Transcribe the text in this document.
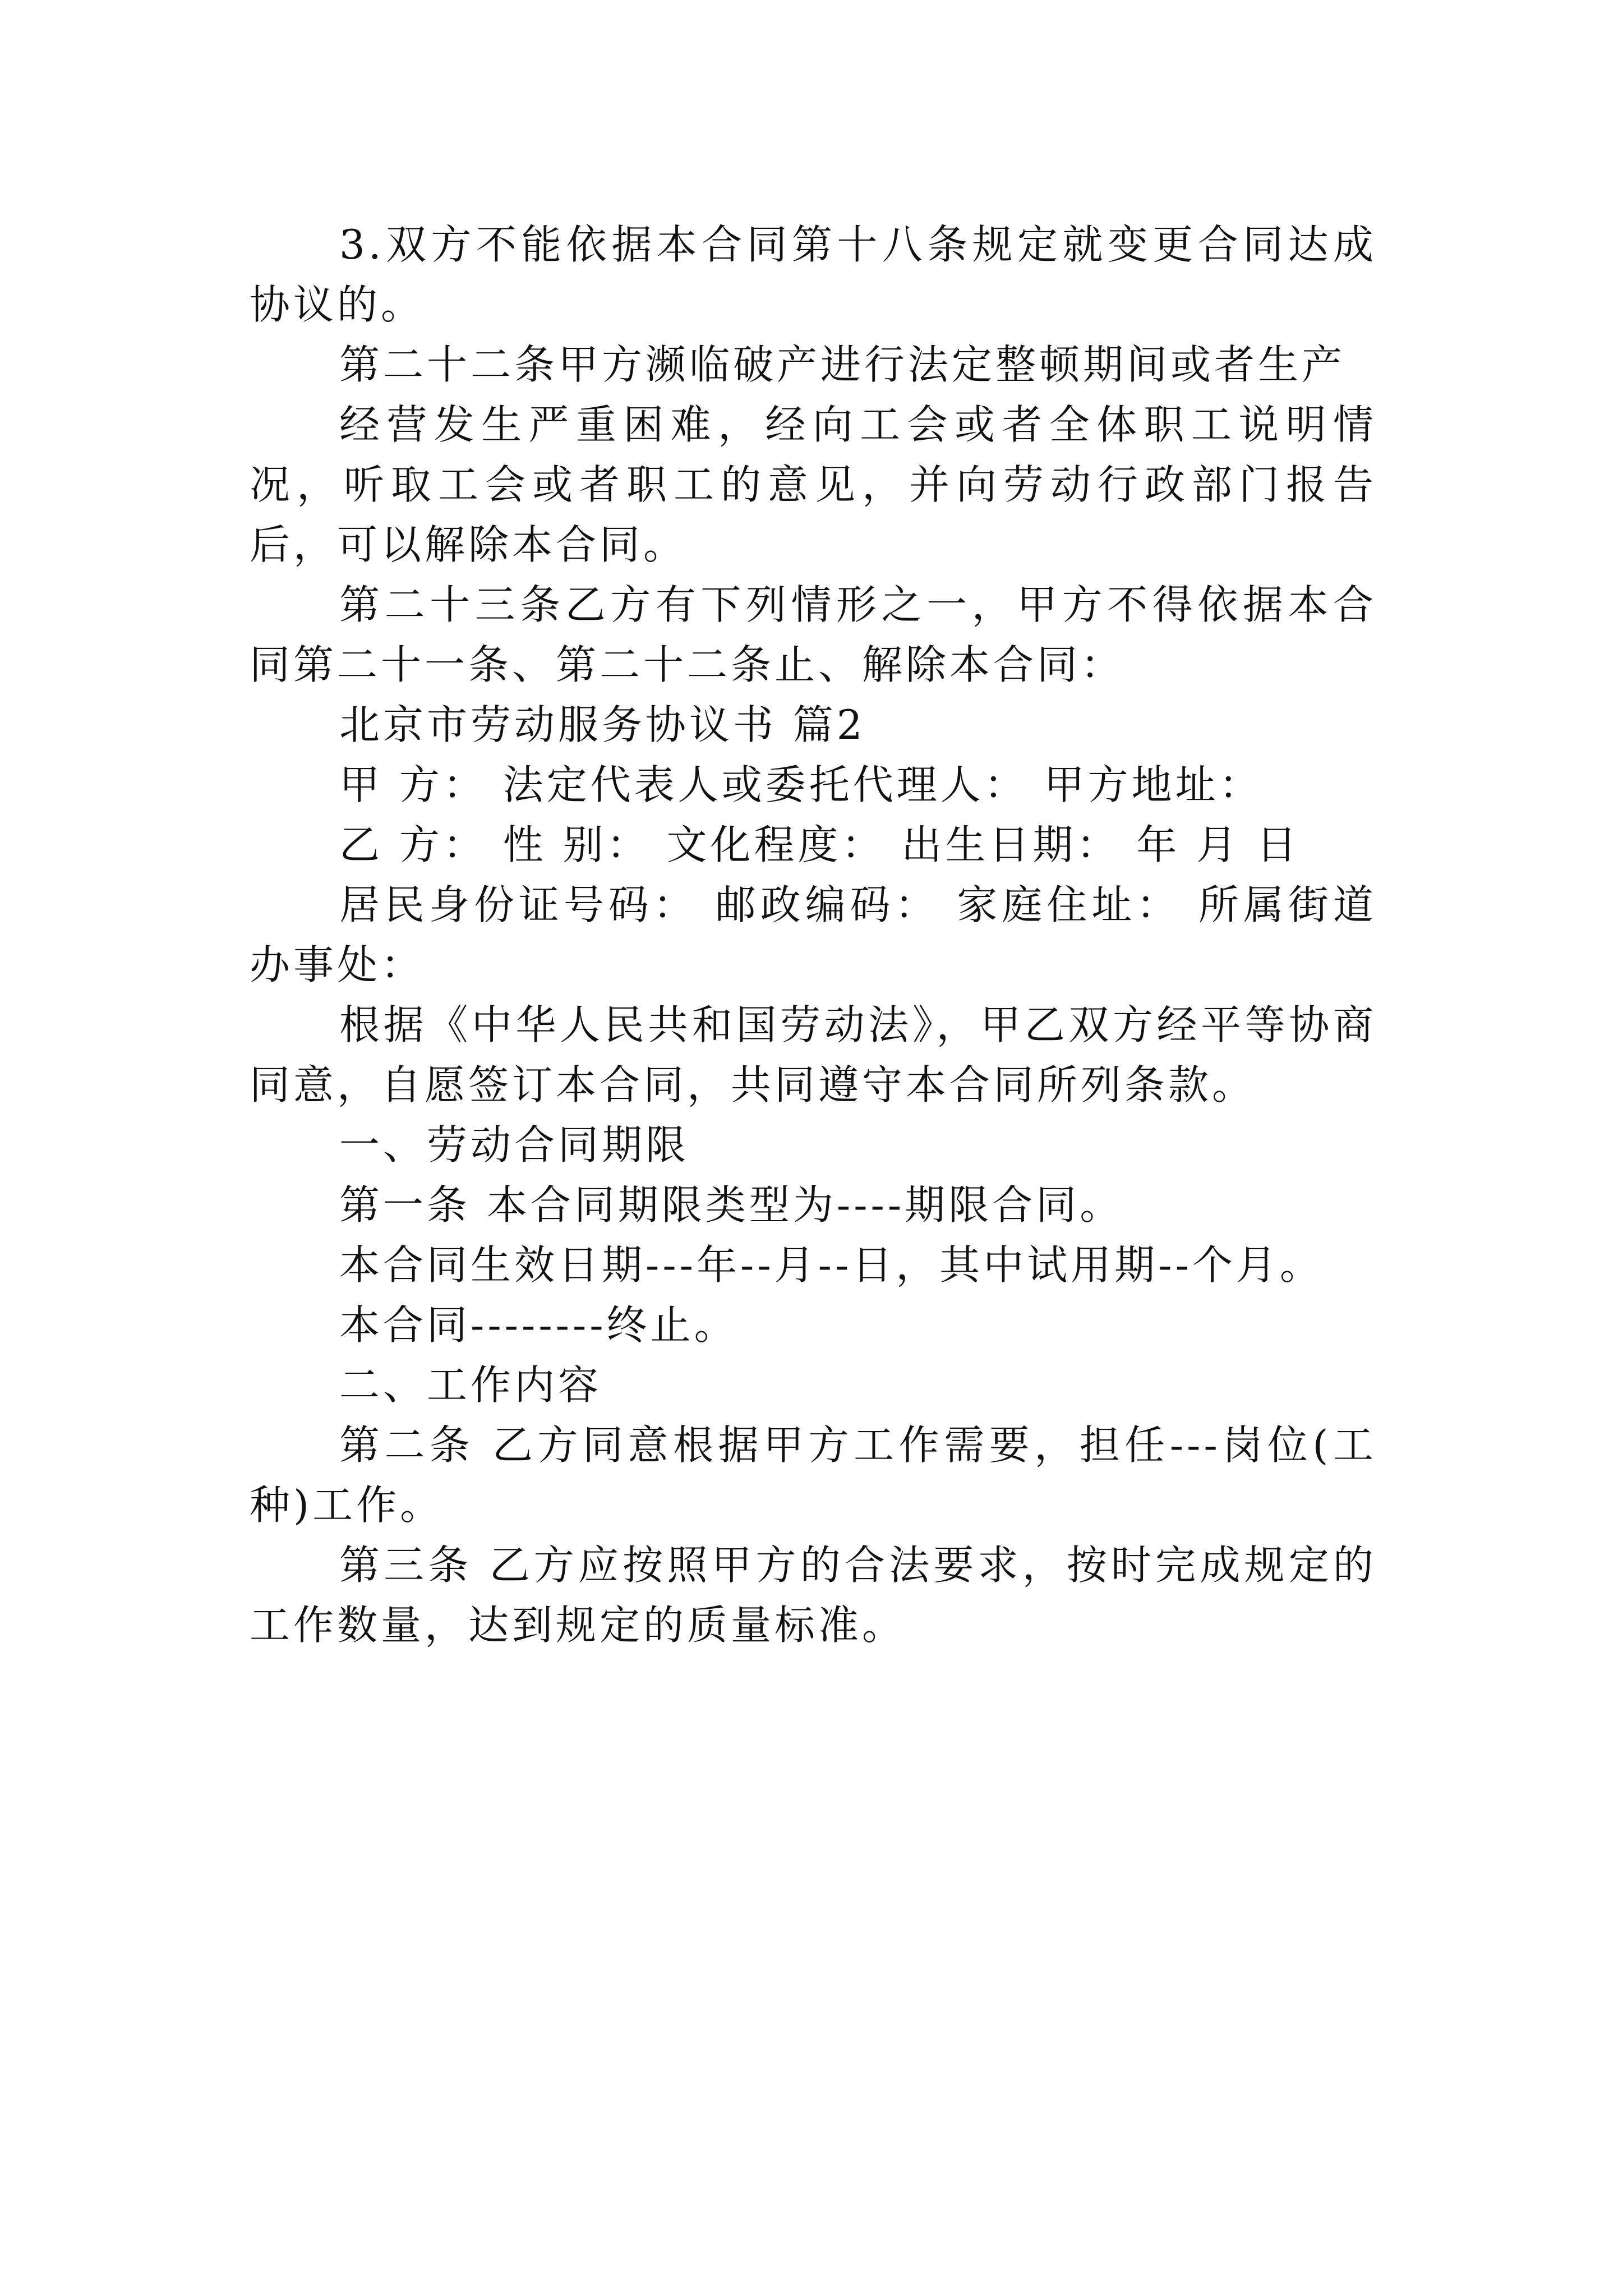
3.双方不能依据本合同第十八条规定就变更合同达成协议的。

第二十二条甲方濒临破产进行法定整顿期间或者生产

经营发生严重困难，经向工会或者全体职工说明情况，听取工会或者职工的意见，并向劳动行政部门报告后，可以解除本合同。

第二十三条乙方有下列情形之一，甲方不得依据本合同第二十一条、第二十二条止、解除本合同：

北京市劳动服务协议书 篇2

甲 方： 法定代表人或委托代理人： 甲方地址：

乙 方： 性 别： 文化程度： 出生日期： 年 月 日

居民身份证号码： 邮政编码： 家庭住址： 所属街道办事处：

根据《中华人民共和国劳动法》，甲乙双方经平等协商同意，自愿签订本合同，共同遵守本合同所列条款。

一、劳动合同期限

第一条 本合同期限类型为----期限合同。

本合同生效日期---年--月--日，其中试用期--个月。

本合同--------终止。

二、工作内容

第二条 乙方同意根据甲方工作需要，担任---岗位(工种)工作。

第三条 乙方应按照甲方的合法要求，按时完成规定的工作数量，达到规定的质量标准。
